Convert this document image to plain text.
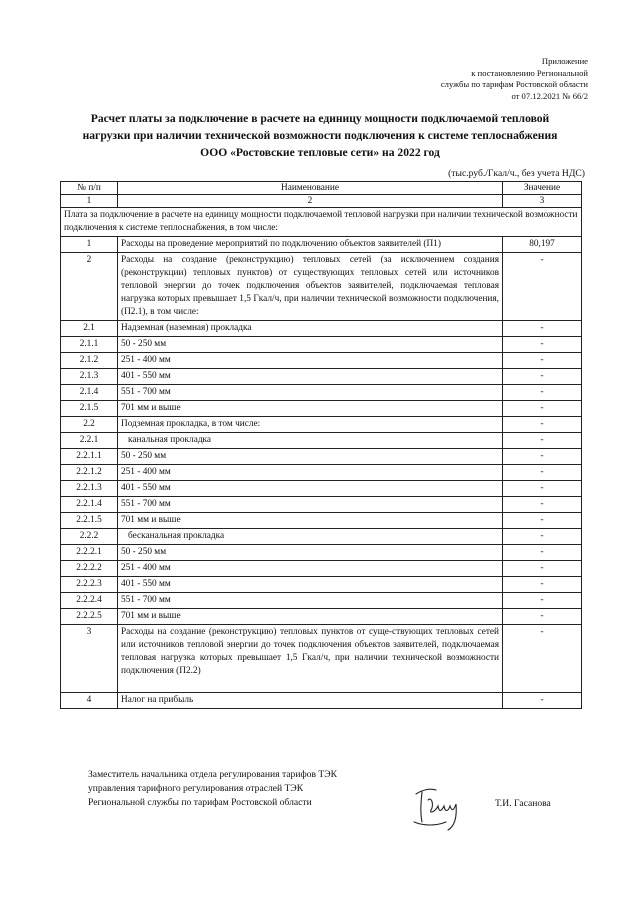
Приложение
к постановлению Региональной
службы по тарифам Ростовской области
от 07.12.2021 № 66/2
Расчет платы за подключение в расчете на единицу мощности подключаемой тепловой
нагрузки при наличии технической возможности подключения к системе теплоснабжения
ООО «Ростовские тепловые сети» на 2022 год
(тыс.руб./Гкал/ч., без учета НДС)
№ п/п	Наименование	Значение
1	2	3
Плата за подключение в расчете на единицу мощности подключаемой тепловой нагрузки при наличии технической возможности подключения к системе теплоснабжения, в том числе:		
1	Расходы на проведение мероприятий по подключению объектов заявителей (П1)	80,197
2	Расходы на создание (реконструкцию) тепловых сетей (за исключением создания (реконструкции) тепловых пунктов) от существующих тепловых сетей или источников тепловой энергии до точек подключения объектов заявителей, подключаемая тепловая нагрузка которых превышает 1,5 Гкал/ч, при наличии технической возможности подключения, (П2.1), в том числе:	-
2.1	Надземная (наземная) прокладка	-
2.1.1	50 - 250 мм	-
2.1.2	251 - 400 мм	-
2.1.3	401 - 550 мм	-
2.1.4	551 - 700 мм	-
2.1.5	701 мм и выше	-
2.2	Подземная прокладка, в том числе:	-
2.2.1	канальная прокладка	-
2.2.1.1	50 - 250 мм	-
2.2.1.2	251 - 400 мм	-
2.2.1.3	401 - 550 мм	-
2.2.1.4	551 - 700 мм	-
2.2.1.5	701 мм и выше	-
2.2.2	бесканальная прокладка	-
2.2.2.1	50 - 250 мм	-
2.2.2.2	251 - 400 мм	-
2.2.2.3	401 - 550 мм	-
2.2.2.4	551 - 700 мм	-
2.2.2.5	701 мм и выше	-
3	Расходы на создание (реконструкцию) тепловых пунктов от суще-ствующих тепловых сетей или источников тепловой энергии до точек подключения объектов заявителей, подключаемая тепловая нагрузка которых превышает 1,5 Гкал/ч, при наличии технической возможности подключения (П2.2)	-
4	Налог на прибыль	-
Заместитель начальника отдела регулирования тарифов ТЭК
управления тарифного регулирования отраслей ТЭК
Региональной службы по тарифам Ростовской области	Т.И. Гасанова
